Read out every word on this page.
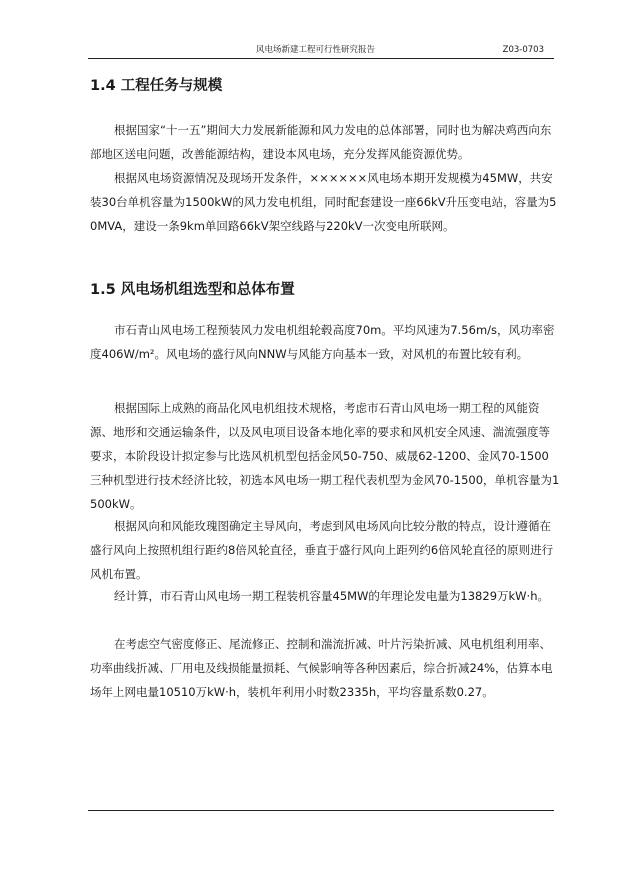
风电场新建工程可行性研究报告	Z03-0703
1.4 工程任务与规模

根据国家“十一五”期间大力发展新能源和风力发电的总体部署，同时也为解决鸡西向东部地区送电问题，改善能源结构，建设本风电场，充分发挥风能资源优势。

根据风电场资源情况及现场开发条件，××××××风电场本期开发规模为45MW，共安装30台单机容量为1500kW的风力发电机组，同时配套建设一座66kV升压变电站，容量为50MVA，建设一条9km单回路66kV架空线路与220kV一次变电所联网。

1.5 风电场机组选型和总体布置

市石青山风电场工程预装风力发电机组轮毂高度70m。平均风速为7.56m/s，风功率密度406W/m²。风电场的盛行风向NNW与风能方向基本一致，对风机的布置比较有利。

根据国际上成熟的商品化风电机组技术规格，考虑市石青山风电场一期工程的风能资源、地形和交通运输条件，以及风电项目设备本地化率的要求和风机安全风速、湍流强度等要求，本阶段设计拟定参与比选风机机型包括金风50-750、威晟62-1200、金风70-1500三种机型进行技术经济比较，初选本风电场一期工程代表机型为金风70-1500，单机容量为1500kW。

根据风向和风能玫瑰图确定主导风向，考虑到风电场风向比较分散的特点，设计遵循在盛行风向上按照机组行距约8倍风轮直径，垂直于盛行风向上距列约6倍风轮直径的原则进行风机布置。

经计算，市石青山风电场一期工程装机容量45MW的年理论发电量为13829万kW·h。

在考虑空气密度修正、尾流修正、控制和湍流折减、叶片污染折减、风电机组利用率、功率曲线折减、厂用电及线损能量损耗、气候影响等各种因素后，综合折减24%，估算本电场年上网电量10510万kW·h，装机年利用小时数2335h，平均容量系数0.27。
